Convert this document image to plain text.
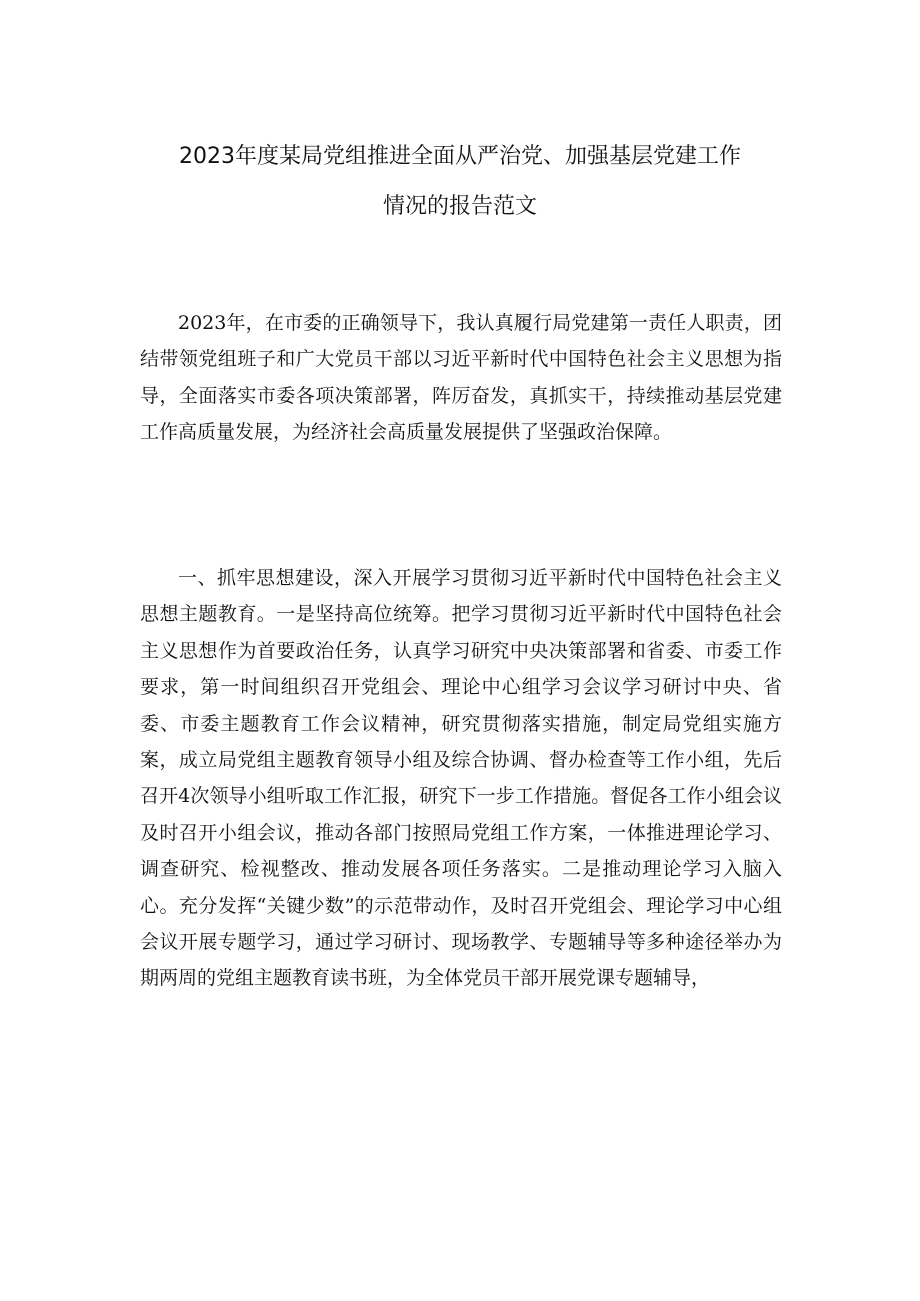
2023年度某局党组推进全面从严治党、加强基层党建工作
情况的报告范文

2023年，在市委的正确领导下，我认真履行局党建第一责任人职责，团结带领党组班子和广大党员干部以习近平新时代中国特色社会主义思想为指导，全面落实市委各项决策部署，阵厉奋发，真抓实干，持续推动基层党建工作高质量发展，为经济社会高质量发展提供了坚强政治保障。

一、抓牢思想建设，深入开展学习贯彻习近平新时代中国特色社会主义思想主题教育。一是坚持高位统筹。把学习贯彻习近平新时代中国特色社会主义思想作为首要政治任务，认真学习研究中央决策部署和省委、市委工作要求，第一时间组织召开党组会、理论中心组学习会议学习研讨中央、省委、市委主题教育工作会议精神，研究贯彻落实措施，制定局党组实施方案，成立局党组主题教育领导小组及综合协调、督办检查等工作小组，先后召开4次领导小组听取工作汇报，研究下一步工作措施。督促各工作小组会议及时召开小组会议，推动各部门按照局党组工作方案，一体推进理论学习、调查研究、检视整改、推动发展各项任务落实。二是推动理论学习入脑入心。充分发挥“关键少数”的示范带动作，及时召开党组会、理论学习中心组会议开展专题学习，通过学习研讨、现场教学、专题辅导等多种途径举办为期两周的党组主题教育读书班，为全体党员干部开展党课专题辅导，
